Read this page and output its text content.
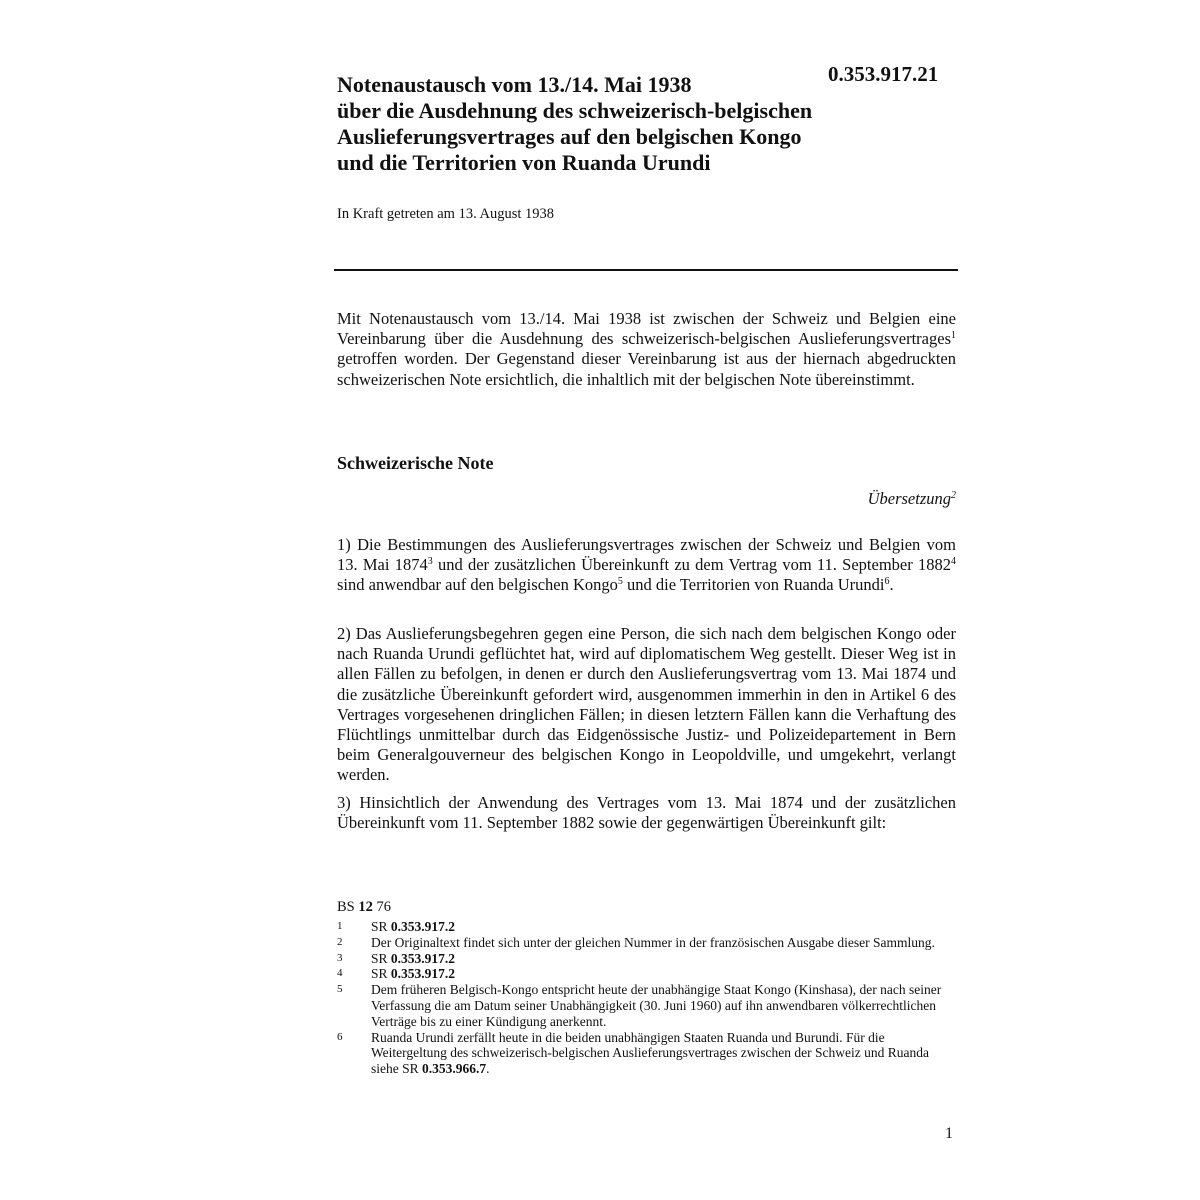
0.353.917.21
Notenaustausch vom 13./14. Mai 1938
über die Ausdehnung des schweizerisch-belgischen
Auslieferungsvertrages auf den belgischen Kongo
und die Territorien von Ruanda Urundi
In Kraft getreten am 13. August 1938

Mit Notenaustausch vom 13./14. Mai 1938 ist zwischen der Schweiz und Belgien eine Vereinbarung über die Ausdehnung des schweizerisch-belgischen Auslieferungsvertrages$^1$ getroffen worden. Der Gegenstand dieser Vereinbarung ist aus der hiernach abgedruckten schweizerischen Note ersichtlich, die inhaltlich mit der belgischen Note übereinstimmt.

Schweizerische Note
Übersetzung$^2$

1) Die Bestimmungen des Auslieferungsvertrages zwischen der Schweiz und Belgien vom 13. Mai 1874$^3$ und der zusätzlichen Übereinkunft zu dem Vertrag vom 11. September 1882$^4$ sind anwendbar auf den belgischen Kongo$^5$ und die Territorien von Ruanda Urundi$^6$.

2) Das Auslieferungsbegehren gegen eine Person, die sich nach dem belgischen Kongo oder nach Ruanda Urundi geflüchtet hat, wird auf diplomatischem Weg gestellt. Dieser Weg ist in allen Fällen zu befolgen, in denen er durch den Auslieferungsvertrag vom 13. Mai 1874 und die zusätzliche Übereinkunft gefordert wird, ausgenommen immerhin in den in Artikel 6 des Vertrages vorgesehenen dringlichen Fällen; in diesen letztern Fällen kann die Verhaftung des Flüchtlings unmittelbar durch das Eidgenössische Justiz- und Polizeidepartement in Bern beim Generalgouverneur des belgischen Kongo in Leopoldville, und umgekehrt, verlangt werden.

3) Hinsichtlich der Anwendung des Vertrages vom 13. Mai 1874 und der zusätzlichen Übereinkunft vom 11. September 1882 sowie der gegenwärtigen Übereinkunft gilt:

BS 12 76
1	SR 0.353.917.2
2	Der Originaltext findet sich unter der gleichen Nummer in der französischen Ausgabe dieser Sammlung.
3	SR 0.353.917.2
4	SR 0.353.917.2
5	Dem früheren Belgisch-Kongo entspricht heute der unabhängige Staat Kongo (Kinshasa), der nach seiner Verfassung die am Datum seiner Unabhängigkeit (30. Juni 1960) auf ihn anwendbaren völkerrechtlichen Verträge bis zu einer Kündigung anerkennt.
6	Ruanda Urundi zerfällt heute in die beiden unabhängigen Staaten Ruanda und Burundi. Für die Weitergeltung des schweizerisch-belgischen Auslieferungsvertrages zwischen der Schweiz und Ruanda siehe SR 0.353.966.7.
1
